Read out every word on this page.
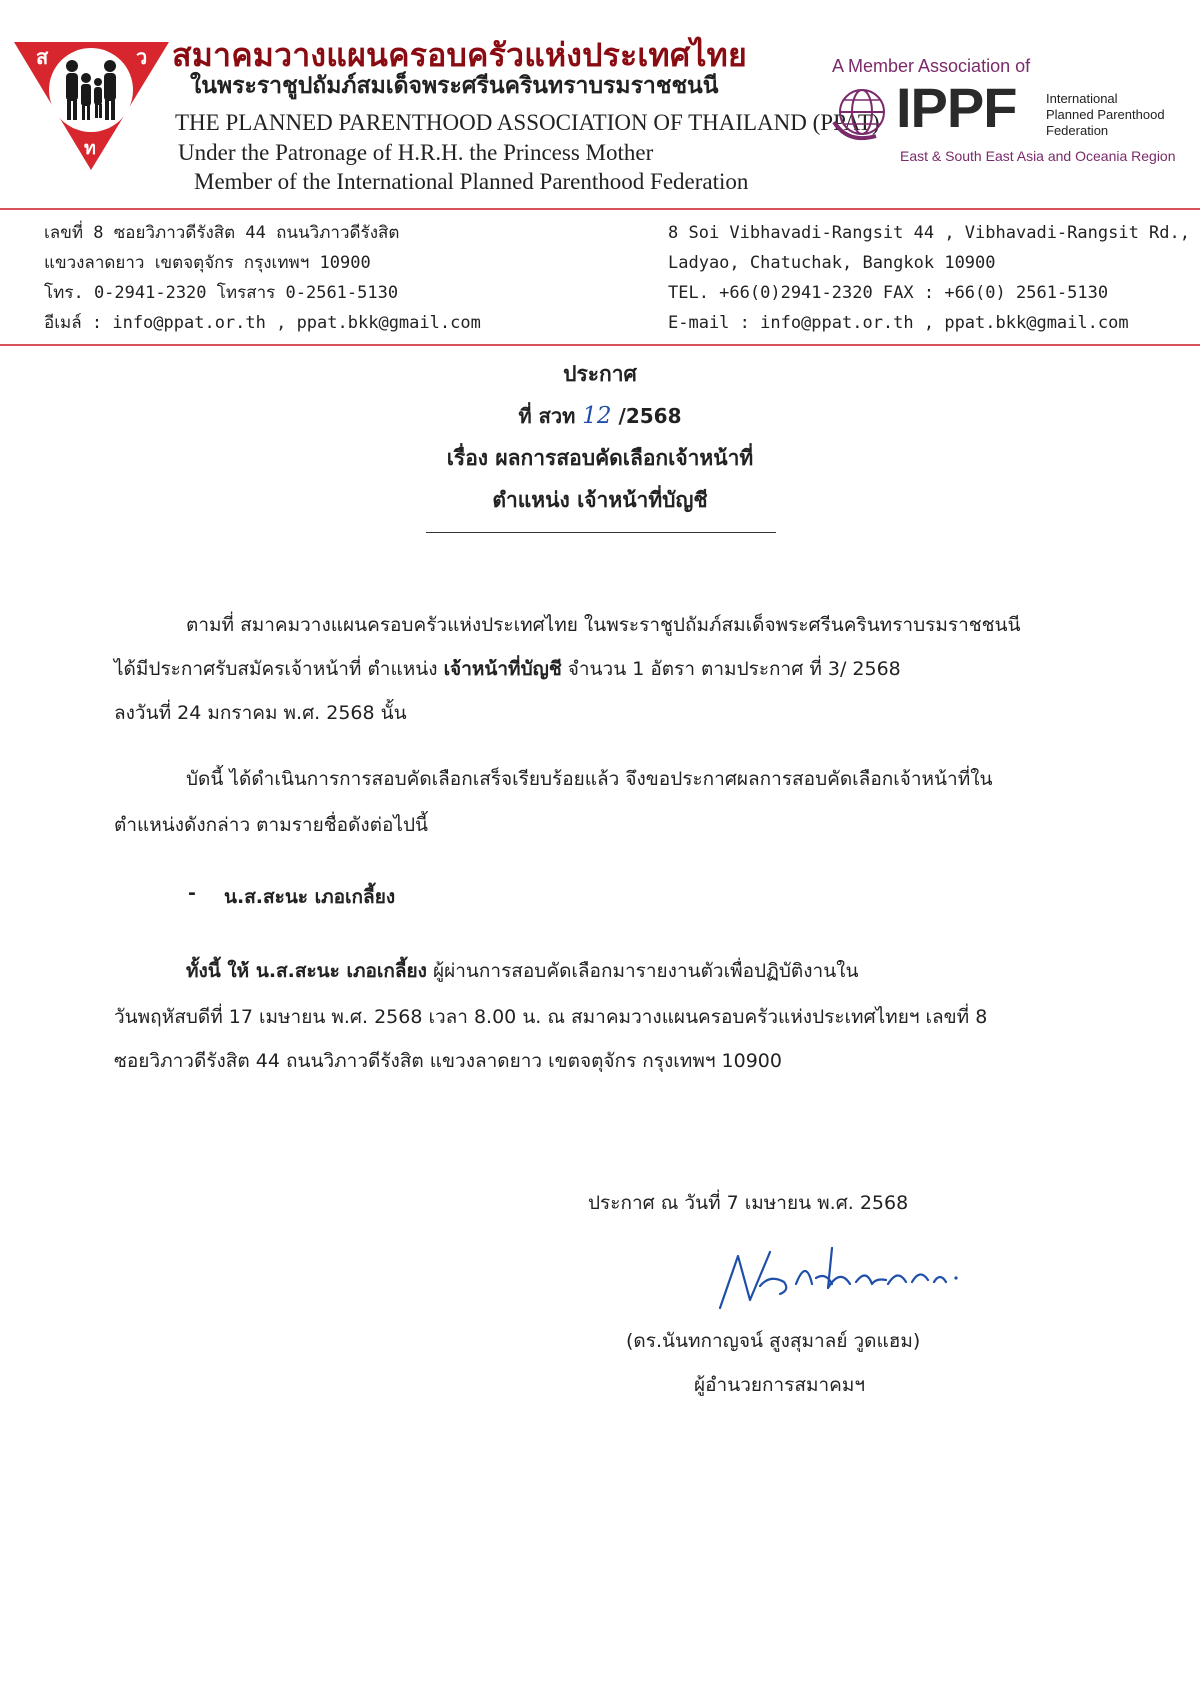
ส	ว
ท
สมาคมวางแผนครอบครัวแห่งประเทศไทย
ในพระราชูปถัมภ์สมเด็จพระศรีนครินทราบรมราชชนนี
THE PLANNED PARENTHOOD ASSOCIATION OF THAILAND (PPAT)
Under the Patronage of H.R.H. the Princess Mother
Member of the International Planned Parenthood Federation
A Member Association of
IPPF International
Planned Parenthood
Federation
East & South East Asia and Oceania Region
เลขที่ 8 ซอยวิภาวดีรังสิต 44 ถนนวิภาวดีรังสิต
แขวงลาดยาว เขตจตุจักร กรุงเทพฯ 10900
โทร. 0-2941-2320 โทรสาร 0-2561-5130
อีเมล์ : info@ppat.or.th , ppat.bkk@gmail.com
8 Soi Vibhavadi-Rangsit 44 , Vibhavadi-Rangsit Rd.,
Ladyao, Chatuchak, Bangkok 10900
TEL. +66(0)2941-2320 FAX : +66(0) 2561-5130
E-mail : info@ppat.or.th , ppat.bkk@gmail.com
ประกาศ
ที่ สวท 12 /2568
เรื่อง ผลการสอบคัดเลือกเจ้าหน้าที่
ตำแหน่ง เจ้าหน้าที่บัญชี
ตามที่ สมาคมวางแผนครอบครัวแห่งประเทศไทย ในพระราชูปถัมภ์สมเด็จพระศรีนครินทราบรมราชชนนี
ได้มีประกาศรับสมัครเจ้าหน้าที่ ตำแหน่ง เจ้าหน้าที่บัญชี จำนวน 1 อัตรา ตามประกาศ ที่ 3/ 2568
ลงวันที่ 24 มกราคม พ.ศ. 2568 นั้น
บัดนี้ ได้ดำเนินการการสอบคัดเลือกเสร็จเรียบร้อยแล้ว จึงขอประกาศผลการสอบคัดเลือกเจ้าหน้าที่ใน
ตำแหน่งดังกล่าว ตามรายชื่อดังต่อไปนี้
- น.ส.สะนะ เภอเกลี้ยง
ทั้งนี้ ให้ น.ส.สะนะ เภอเกลี้ยง ผู้ผ่านการสอบคัดเลือกมารายงานตัวเพื่อปฏิบัติงานใน
วันพฤหัสบดีที่ 17 เมษายน พ.ศ. 2568 เวลา 8.00 น. ณ สมาคมวางแผนครอบครัวแห่งประเทศไทยฯ เลขที่ 8
ซอยวิภาวดีรังสิต 44 ถนนวิภาวดีรังสิต แขวงลาดยาว เขตจตุจักร กรุงเทพฯ 10900
ประกาศ ณ วันที่ 7 เมษายน พ.ศ. 2568
(ดร.นันทกาญจน์ สูงสุมาลย์ วูดแฮม)
ผู้อำนวยการสมาคมฯ
